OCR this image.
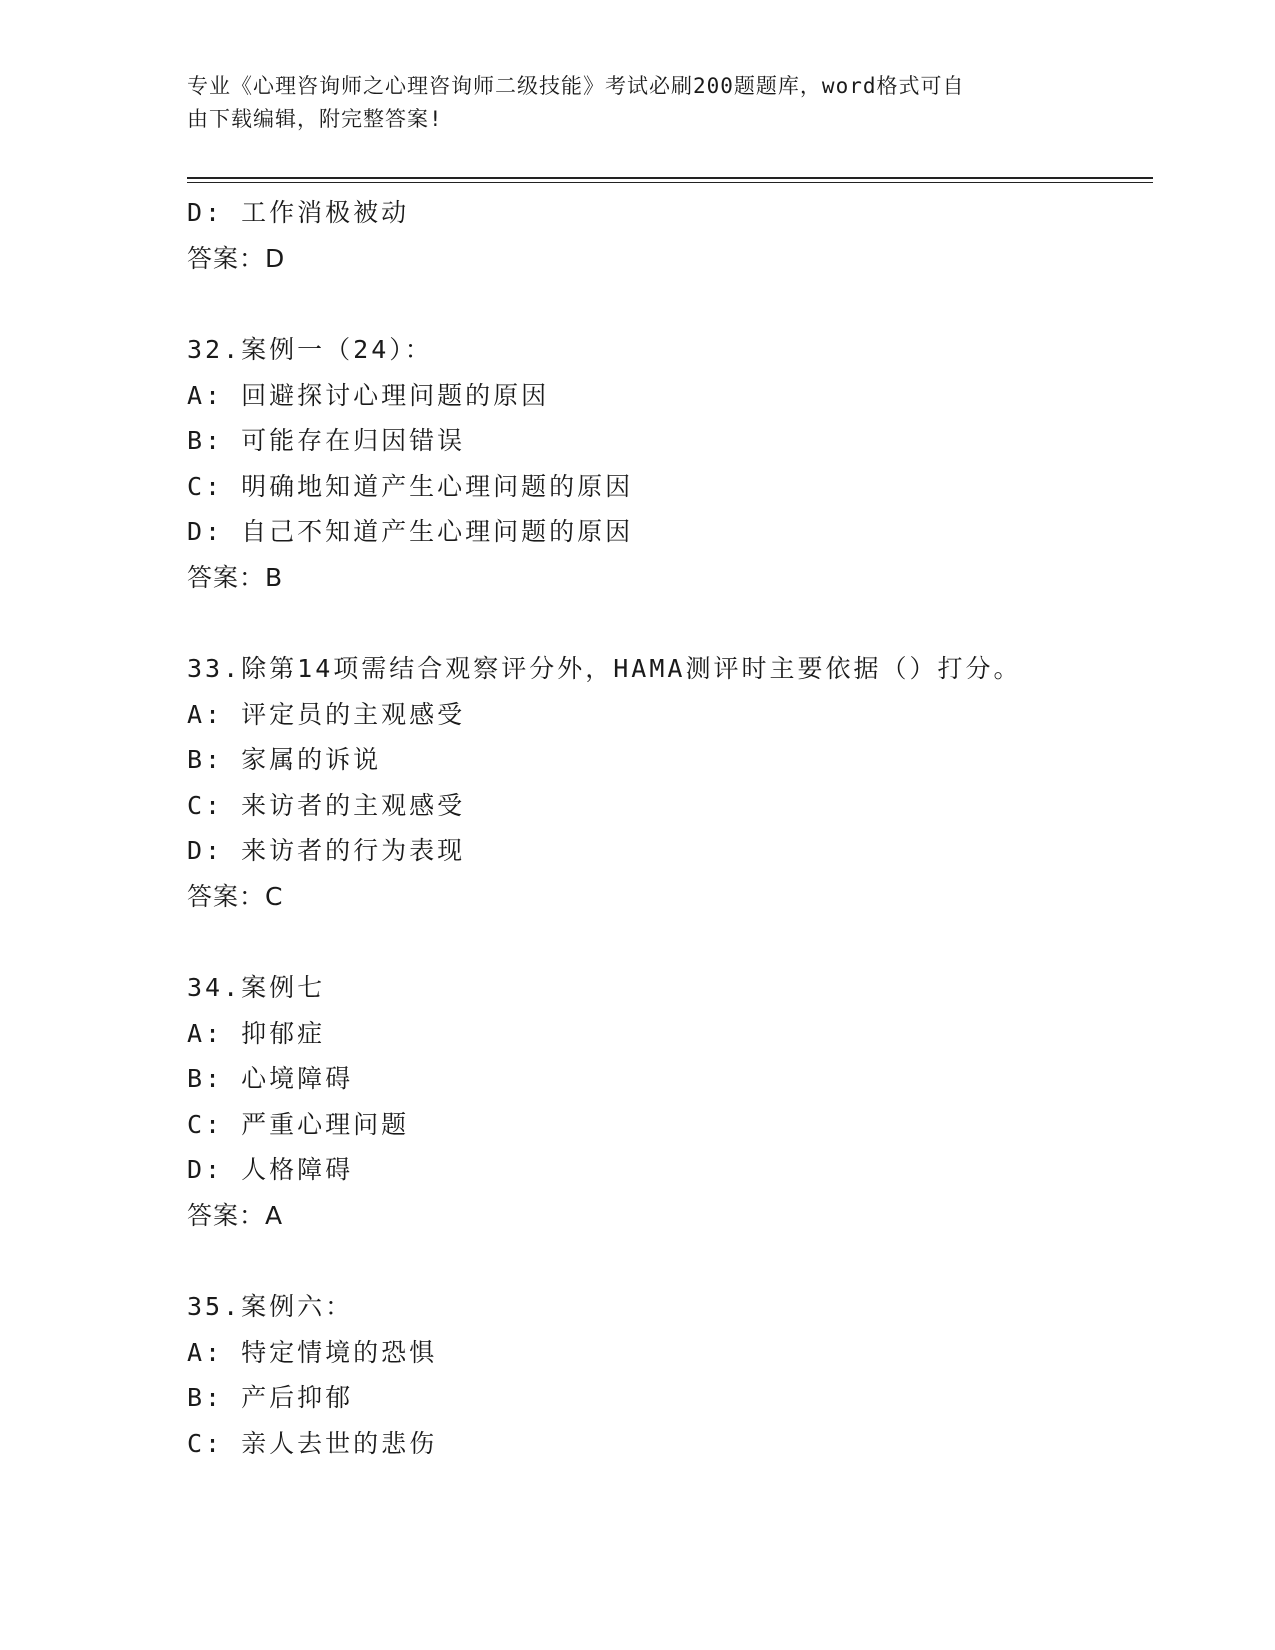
专业《心理咨询师之心理咨询师二级技能》考试必刷200题题库，word格式可自
由下载编辑，附完整答案!
D: 工作消极被动
答案：D
32.案例一（24）：
A: 回避探讨心理问题的原因
B: 可能存在归因错误
C: 明确地知道产生心理问题的原因
D: 自己不知道产生心理问题的原因
答案：B
33.除第14项需结合观察评分外，HAMA测评时主要依据（）打分。
A: 评定员的主观感受
B: 家属的诉说
C: 来访者的主观感受
D: 来访者的行为表现
答案：C
34.案例七
A: 抑郁症
B: 心境障碍
C: 严重心理问题
D: 人格障碍
答案：A
35.案例六：
A: 特定情境的恐惧
B: 产后抑郁
C: 亲人去世的悲伤
